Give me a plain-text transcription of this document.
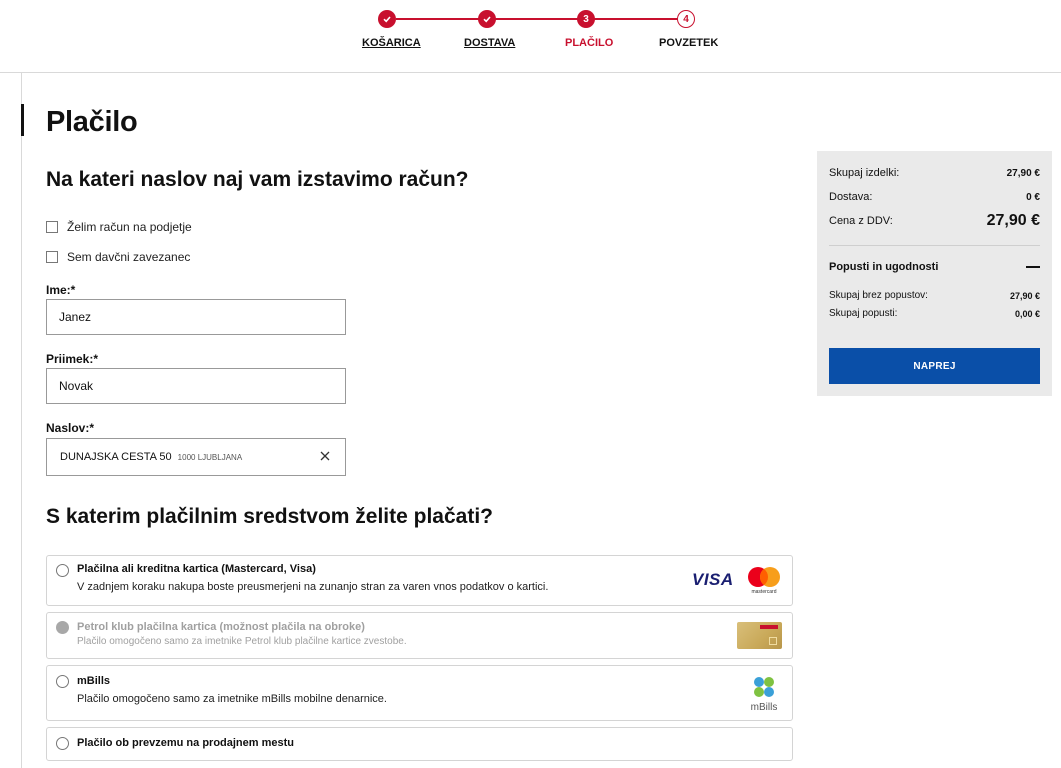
KOŠARICA	DOSTAVA
3
PLAČILO
4
POVZETEK
Plačilo
Na kateri naslov naj vam izstavimo račun?
Želim račun na podjetje
Sem davčni zavezanec
Ime:*
Janez
Priimek:*
Novak
Naslov:*
DUNAJSKA CESTA 50 1000 LJUBLJANA
S katerim plačilnim sredstvom želite plačati?
Plačilna ali kreditna kartica (Mastercard, Visa)
V zadnjem koraku nakupa boste preusmerjeni na zunanjo stran za varen vnos podatkov o kartici.	VISA
mastercard
Petrol klub plačilna kartica (možnost plačila na obroke)
Plačilo omogočeno samo za imetnike Petrol klub plačilne kartice zvestobe.
mBills
Plačilo omogočeno samo za imetnike mBills mobilne denarnice.
mBills
Plačilo ob prevzemu na prodajnem mestu
Skupaj izdelki:	27,90 €
Dostava:	0 €
Cena z DDV:	27,90 €
Popusti in ugodnosti
Skupaj brez popustov:	27,90 €
Skupaj popusti:	0,00 €
NAPREJ
